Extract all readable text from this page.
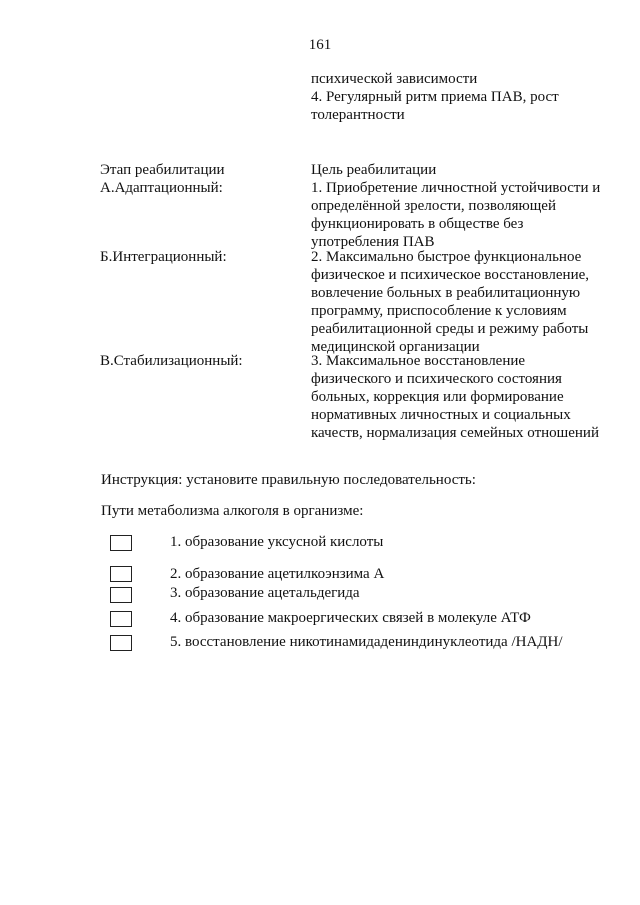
161
психической зависимости
4. Регулярный ритм приема ПАВ, рост
толерантности
Этап реабилитации	Цель реабилитации
А.Адаптационный:	1. Приобретение личностной устойчивости и
определённой зрелости, позволяющей
функционировать в обществе без
употребления ПАВ
Б.Интеграционный:	2. Максимально быстрое функциональное
физическое и психическое восстановление,
вовлечение больных в реабилитационную
программу, приспособление к условиям
реабилитационной среды и режиму работы
медицинской организации
В.Стабилизационный:	3. Максимальное восстановление
физического и психического состояния
больных, коррекция или формирование
нормативных личностных и социальных
качеств, нормализация семейных отношений
Инструкция: установите правильную последовательность:
Пути метаболизма алкоголя в организме:
1. образование уксусной кислоты
2. образование ацетилкоэнзима А
3. образование ацетальдегида
4. образование макроергических связей в молекуле АТФ
5. восстановление никотинамидадениндинуклеотида /НАДН/
